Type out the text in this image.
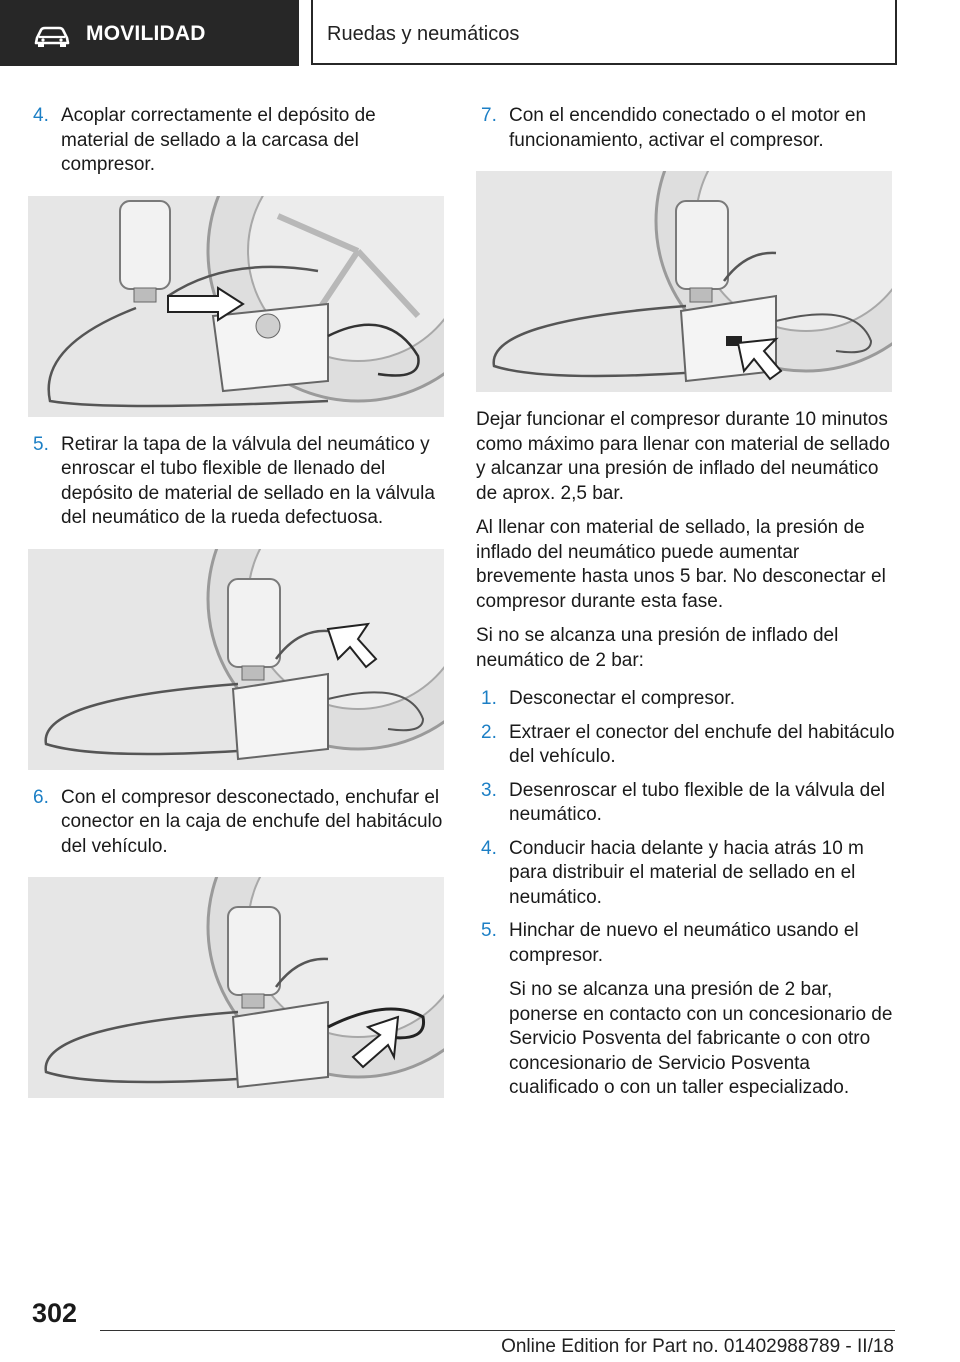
MOVILIDAD	Ruedas y neumáticos
4. Acoplar correctamente el depósito de material de sellado a la carcasa del compresor.
5. Retirar la tapa de la válvula del neumático y enroscar el tubo flexible de llenado del depósito de material de sellado en la válvula del neumático de la rueda defectuosa.
6. Con el compresor desconectado, enchufar el conector en la caja de enchufe del habitáculo del vehículo.
7. Con el encendido conectado o el motor en funcionamiento, activar el compresor.

Dejar funcionar el compresor durante 10 minutos como máximo para llenar con material de sellado y alcanzar una presión de inflado del neumático de aprox. 2,5 bar.

Al llenar con material de sellado, la presión de inflado del neumático puede aumentar brevemente hasta unos 5 bar. No desconectar el compresor durante esta fase.

Si no se alcanza una presión de inflado del neumático de 2 bar:

1. Desconectar el compresor.
2. Extraer el conector del enchufe del habitáculo del vehículo.
3. Desenroscar el tubo flexible de la válvula del neumático.
4. Conducir hacia delante y hacia atrás 10 m para distribuir el material de sellado en el neumático.
5. Hinchar de nuevo el neumático usando el compresor.

Si no se alcanza una presión de 2 bar, ponerse en contacto con un concesionario de Servicio Posventa del fabricante o con otro concesionario de Servicio Posventa cualificado o con un taller especializado.

302
Online Edition for Part no. 01402988789 - II/18
